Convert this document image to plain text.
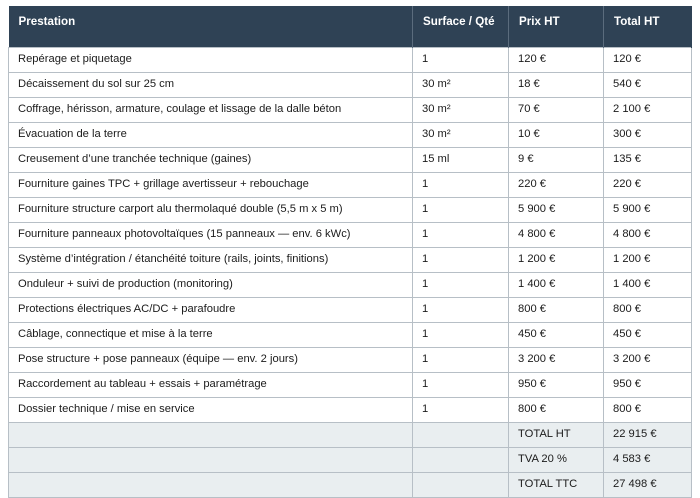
Prestation	Surface / Qté	Prix HT	Total HT
Repérage et piquetage	1	120 €	120 €
Décaissement du sol sur 25 cm	30 m²	18 €	540 €
Coffrage, hérisson, armature, coulage et lissage de la dalle béton	30 m²	70 €	2 100 €
Évacuation de la terre	30 m²	10 €	300 €
Creusement d’une tranchée technique (gaines)	15 ml	9 €	135 €
Fourniture gaines TPC + grillage avertisseur + rebouchage	1	220 €	220 €
Fourniture structure carport alu thermolaqué double (5,5 m x 5 m)	1	5 900 €	5 900 €
Fourniture panneaux photovoltaïques (15 panneaux — env. 6 kWc)	1	4 800 €	4 800 €
Système d’intégration / étanchéité toiture (rails, joints, finitions)	1	1 200 €	1 200 €
Onduleur + suivi de production (monitoring)	1	1 400 €	1 400 €
Protections électriques AC/DC + parafoudre	1	800 €	800 €
Câblage, connectique et mise à la terre	1	450 €	450 €
Pose structure + pose panneaux (équipe — env. 2 jours)	1	3 200 €	3 200 €
Raccordement au tableau + essais + paramétrage	1	950 €	950 €
Dossier technique / mise en service	1	800 €	800 €
		TOTAL HT	22 915 €
		TVA 20 %	4 583 €
		TOTAL TTC	27 498 €
